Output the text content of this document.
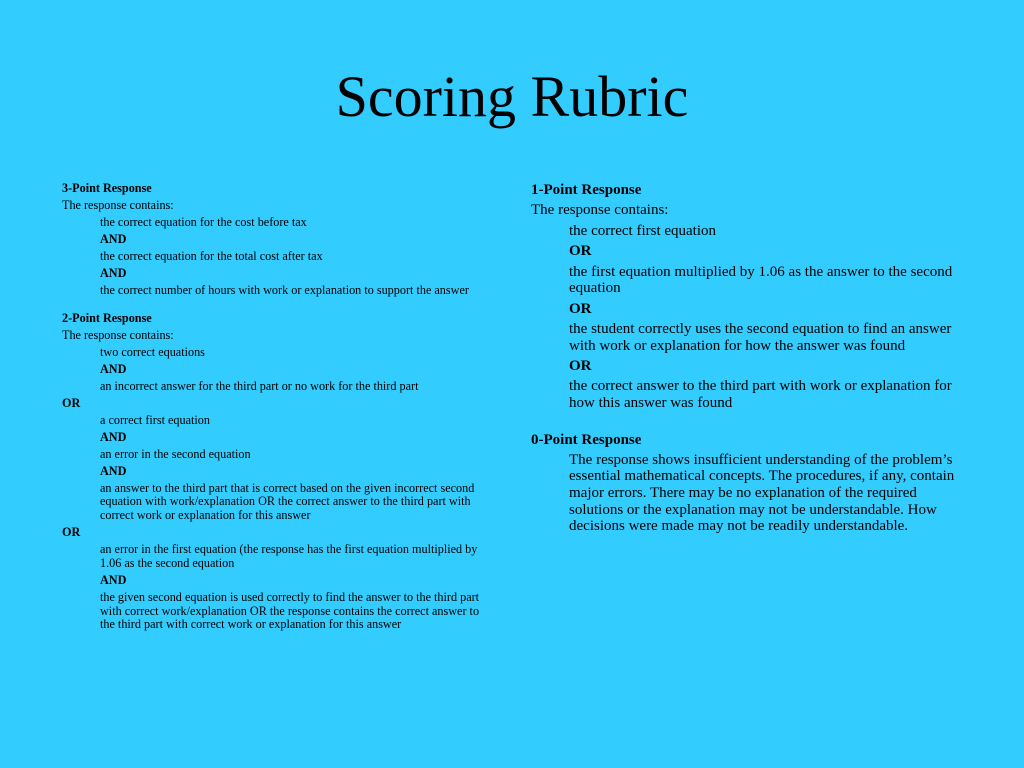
Scoring Rubric

3-Point Response

The response contains:

the correct equation for the cost before tax

AND

the correct equation for the total cost after tax

AND

the correct number of hours with work or explanation to support the answer

2-Point Response

The response contains:

two correct equations

AND

an incorrect answer for the third part or no work for the third part

OR

a correct first equation

AND

an error in the second equation

AND

an answer to the third part that is correct based on the given incorrect second equation with work/explanation OR the correct answer to the third part with correct work or explanation for this answer

OR

an error in the first equation (the response has the first equation multiplied by 1.06 as the second equation

AND

the given second equation is used correctly to find the answer to the third part with correct work/explanation OR the response contains the correct answer to the third part with correct work or explanation for this answer

1-Point Response

The response contains:

the correct first equation

OR

the first equation multiplied by 1.06 as the answer to the second equation

OR

the student correctly uses the second equation to find an answer with work or explanation for how the answer was found

OR

the correct answer to the third part with work or explanation for how this answer was found

0-Point Response

The response shows insufficient understanding of the problem’s essential mathematical concepts. The procedures, if any, contain major errors. There may be no explanation of the required solutions or the explanation may not be understandable. How decisions were made may not be readily understandable.
